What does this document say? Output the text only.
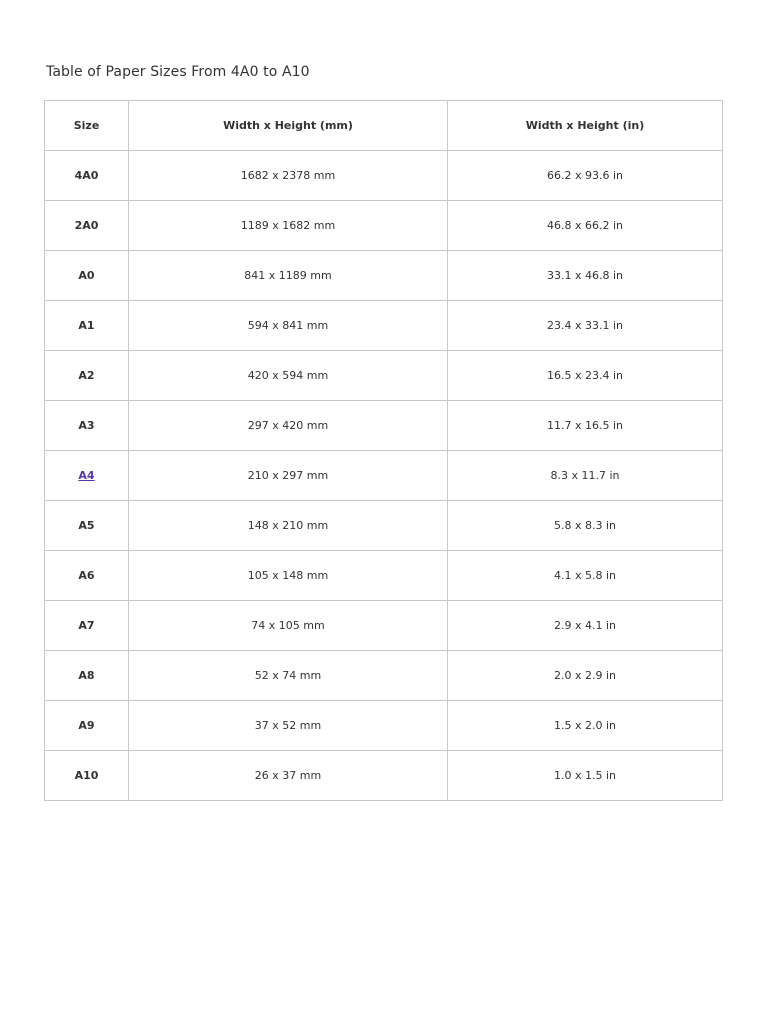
Table of Paper Sizes From 4A0 to A10
Size	Width x Height (mm)	Width x Height (in)
4A0	1682 x 2378 mm	66.2 x 93.6 in
2A0	1189 x 1682 mm	46.8 x 66.2 in
A0	841 x 1189 mm	33.1 x 46.8 in
A1	594 x 841 mm	23.4 x 33.1 in
A2	420 x 594 mm	16.5 x 23.4 in
A3	297 x 420 mm	11.7 x 16.5 in
A4	210 x 297 mm	8.3 x 11.7 in
A5	148 x 210 mm	5.8 x 8.3 in
A6	105 x 148 mm	4.1 x 5.8 in
A7	74 x 105 mm	2.9 x 4.1 in
A8	52 x 74 mm	2.0 x 2.9 in
A9	37 x 52 mm	1.5 x 2.0 in
A10	26 x 37 mm	1.0 x 1.5 in
